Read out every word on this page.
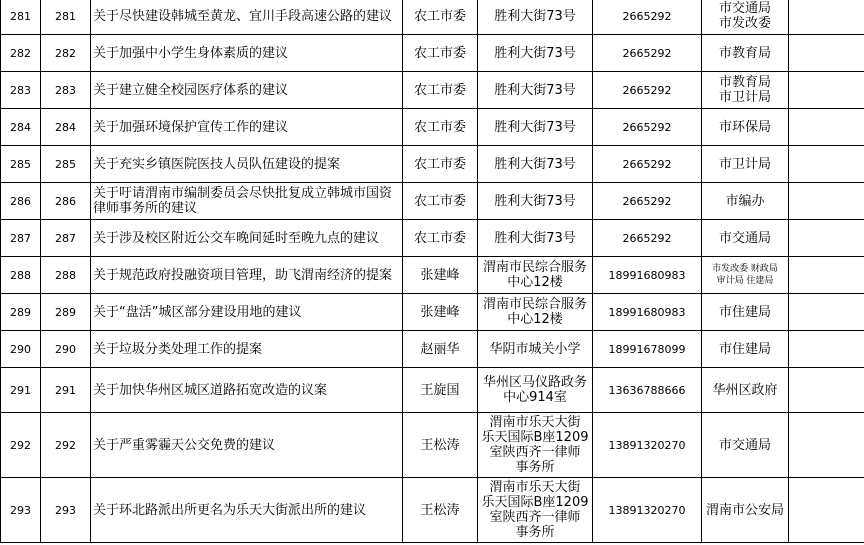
281	281	关于尽快建设韩城至黄龙、宜川手段高速公路的建议	农工市委	胜利大街73号	2665292	市交通局
市发改委	
282	282	关于加强中小学生身体素质的建议	农工市委	胜利大街73号	2665292	市教育局	
283	283	关于建立健全校园医疗体系的建议	农工市委	胜利大街73号	2665292	市教育局
市卫计局	
284	284	关于加强环境保护宣传工作的建议	农工市委	胜利大街73号	2665292	市环保局	
285	285	关于充实乡镇医院医技人员队伍建设的提案	农工市委	胜利大街73号	2665292	市卫计局	
286	286	关于吁请渭南市编制委员会尽快批复成立韩城市国资律师事务所的建议	农工市委	胜利大街73号	2665292	市编办	
287	287	关于涉及校区附近公交车晚间延时至晚九点的建议	农工市委	胜利大街73号	2665292	市交通局	
288	288	关于规范政府投融资项目管理，助飞渭南经济的提案	张建峰	渭南市民综合服务中心12楼	18991680983	市发改委 财政局
审计局 住建局	
289	289	关于“盘活”城区部分建设用地的建议	张建峰	渭南市民综合服务中心12楼	18991680983	市住建局	
290	290	关于垃圾分类处理工作的提案	赵丽华	华阴市城关小学	18991678099	市住建局	
291	291	关于加快华州区城区道路拓宽改造的议案	王旋国	华州区马仪路政务中心914室	13636788666	华州区政府	
292	292	关于严重雾霾天公交免费的建议	王松涛	渭南市乐天大街
乐天国际B座1209
室陕西齐一律师
事务所	13891320270	市交通局	
293	293	关于环北路派出所更名为乐天大街派出所的建议	王松涛	渭南市乐天大街
乐天国际B座1209
室陕西齐一律师
事务所	13891320270	渭南市公安局	
